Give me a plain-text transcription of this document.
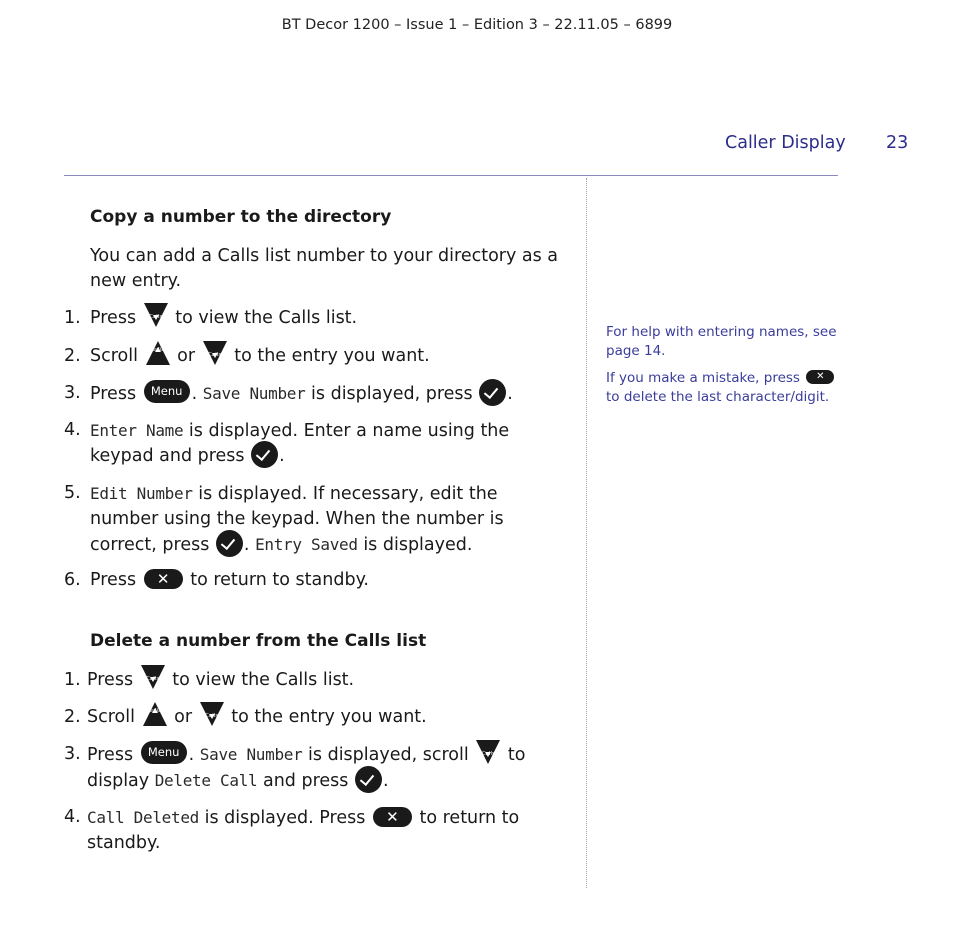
BT Decor 1200 – Issue 1 – Edition 3 – 22.11.05 – 6899
Caller Display 23
Copy a number to the directory
You can add a Calls list number to your directory as a new entry.
1. Press	Calls to view the Calls list.
2. Scroll	Redial or	Calls to the entry you want.
3. Press Menu . Save Number is displayed, press .
4. Enter Name is displayed. Enter a name using the keypad and press .
5. Edit Number is displayed. If necessary, edit the number using the keypad. When the number is correct, press . Entry Saved is displayed.
6. Press ✕	to return to standby.
Delete a number from the Calls list
1. Press	Calls to view the Calls list.
2. Scroll	Redial or	Calls to the entry you want.
3. Press Menu . Save Number is displayed, scroll	Calls to display Delete Call and press .
4. Call Deleted is displayed. Press ✕	to return to standby.
For help with entering names, see page 14.
If you make a mistake, press ✕ to delete the last character/digit.
